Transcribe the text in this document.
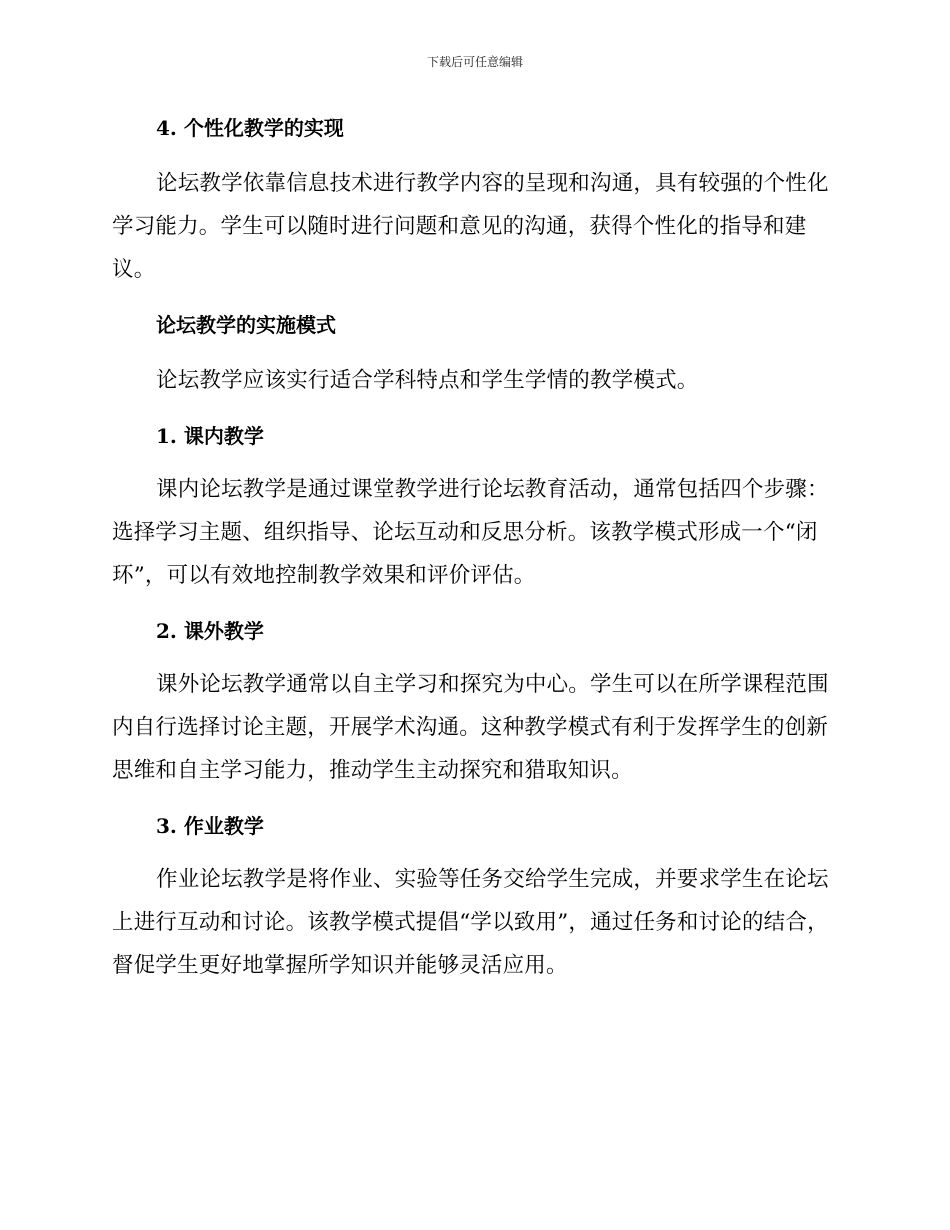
下载后可任意编辑
4. 个性化教学的实现

论坛教学依靠信息技术进行教学内容的呈现和沟通，具有较强的个性化学习能力。学生可以随时进行问题和意见的沟通，获得个性化的指导和建议。

论坛教学的实施模式

论坛教学应该实行适合学科特点和学生学情的教学模式。

1. 课内教学

课内论坛教学是通过课堂教学进行论坛教育活动，通常包括四个步骤：选择学习主题、组织指导、论坛互动和反思分析。该教学模式形成一个“闭环”，可以有效地控制教学效果和评价评估。

2. 课外教学

课外论坛教学通常以自主学习和探究为中心。学生可以在所学课程范围内自行选择讨论主题，开展学术沟通。这种教学模式有利于发挥学生的创新思维和自主学习能力，推动学生主动探究和猎取知识。

3. 作业教学

作业论坛教学是将作业、实验等任务交给学生完成，并要求学生在论坛上进行互动和讨论。该教学模式提倡“学以致用”，通过任务和讨论的结合，督促学生更好地掌握所学知识并能够灵活应用。
